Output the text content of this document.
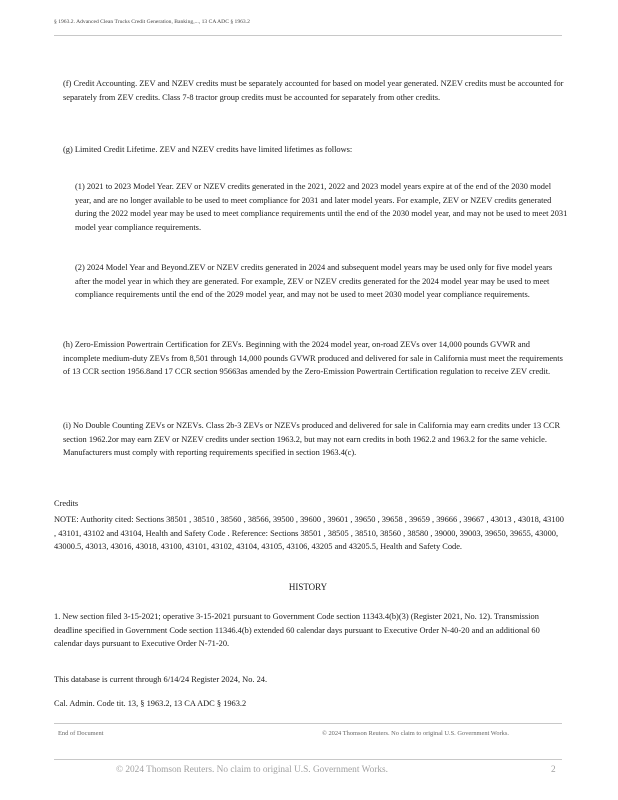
§ 1963.2. Advanced Clean Trucks Credit Generation, Banking,..., 13 CA ADC § 1963.2

(f) Credit Accounting. ZEV and NZEV credits must be separately accounted for based on model year generated. NZEV credits must be accounted for separately from ZEV credits. Class 7-8 tractor group credits must be accounted for separately from other credits.

(g) Limited Credit Lifetime. ZEV and NZEV credits have limited lifetimes as follows:

(1) 2021 to 2023 Model Year. ZEV or NZEV credits generated in the 2021, 2022 and 2023 model years expire at of the end of the 2030 model year, and are no longer available to be used to meet compliance for 2031 and later model years. For example, ZEV or NZEV credits generated during the 2022 model year may be used to meet compliance requirements until the end of the 2030 model year, and may not be used to meet 2031 model year compliance requirements.

(2) 2024 Model Year and Beyond.ZEV or NZEV credits generated in 2024 and subsequent model years may be used only for five model years after the model year in which they are generated. For example, ZEV or NZEV credits generated for the 2024 model year may be used to meet compliance requirements until the end of the 2029 model year, and may not be used to meet 2030 model year compliance requirements.

(h) Zero-Emission Powertrain Certification for ZEVs. Beginning with the 2024 model year, on-road ZEVs over 14,000 pounds GVWR and incomplete medium-duty ZEVs from 8,501 through 14,000 pounds GVWR produced and delivered for sale in California must meet the requirements of 13 CCR section 1956.8and 17 CCR section 95663as amended by the Zero-Emission Powertrain Certification regulation to receive ZEV credit.

(i) No Double Counting ZEVs or NZEVs. Class 2b-3 ZEVs or NZEVs produced and delivered for sale in California may earn credits under 13 CCR section 1962.2or may earn ZEV or NZEV credits under section 1963.2, but may not earn credits in both 1962.2 and 1963.2 for the same vehicle. Manufacturers must comply with reporting requirements specified in section 1963.4(c).

Credits

NOTE: Authority cited: Sections 38501 , 38510 , 38560 , 38566, 39500 , 39600 , 39601 , 39650 , 39658 , 39659 , 39666 , 39667 , 43013 , 43018, 43100 , 43101, 43102 and 43104, Health and Safety Code . Reference: Sections 38501 , 38505 , 38510, 38560 , 38580 , 39000, 39003, 39650, 39655, 43000, 43000.5, 43013, 43016, 43018, 43100, 43101, 43102, 43104, 43105, 43106, 43205 and 43205.5, Health and Safety Code.

HISTORY

1. New section filed 3-15-2021; operative 3-15-2021 pursuant to Government Code section 11343.4(b)(3) (Register 2021, No. 12). Transmission deadline specified in Government Code section 11346.4(b) extended 60 calendar days pursuant to Executive Order N-40-20 and an additional 60 calendar days pursuant to Executive Order N-71-20.

This database is current through 6/14/24 Register 2024, No. 24.

Cal. Admin. Code tit. 13, § 1963.2, 13 CA ADC § 1963.2

End of Document	© 2024 Thomson Reuters. No claim to original U.S. Government Works.
© 2024 Thomson Reuters. No claim to original U.S. Government Works.	2
